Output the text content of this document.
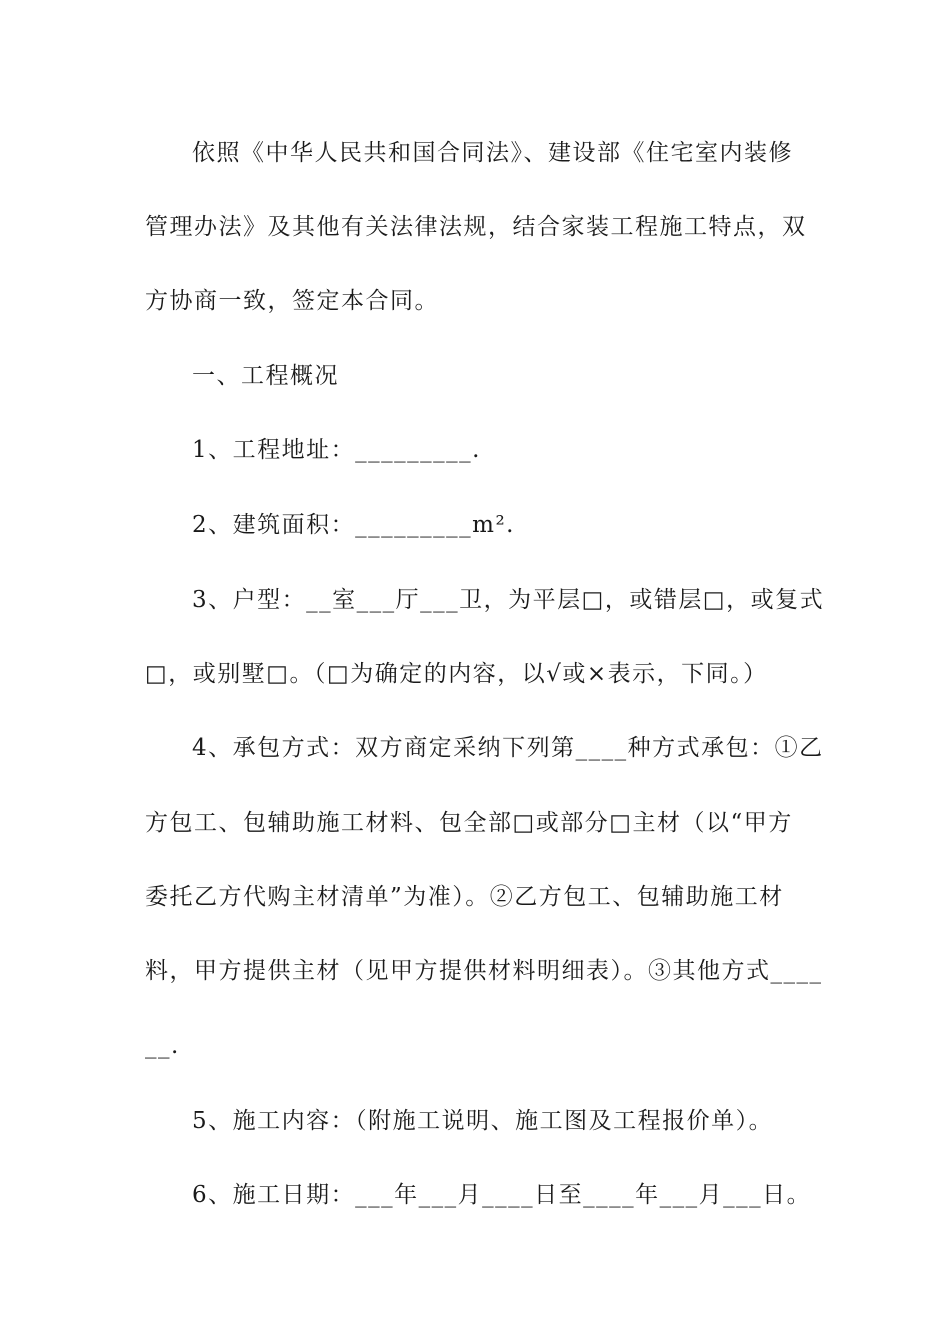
依照《中华人民共和国合同法》、建设部《住宅室内装修
管理办法》及其他有关法律法规，结合家装工程施工特点，双
方协商一致，签定本合同。
一、工程概况
1、工程地址：_________.
2、建筑面积：_________m².
3、户型：__室___厅___卫，为平层□，或错层□，或复式
□，或别墅□。（□为确定的内容，以√或×表示，下同。）
4、承包方式：双方商定采纳下列第____种方式承包：①乙
方包工、包辅助施工材料、包全部□或部分□主材（以“甲方
委托乙方代购主材清单”为准）。②乙方包工、包辅助施工材
料，甲方提供主材（见甲方提供材料明细表）。③其他方式____
__.
5、施工内容：（附施工说明、施工图及工程报价单）。
6、施工日期：___年___月____日至____年___月___日。
